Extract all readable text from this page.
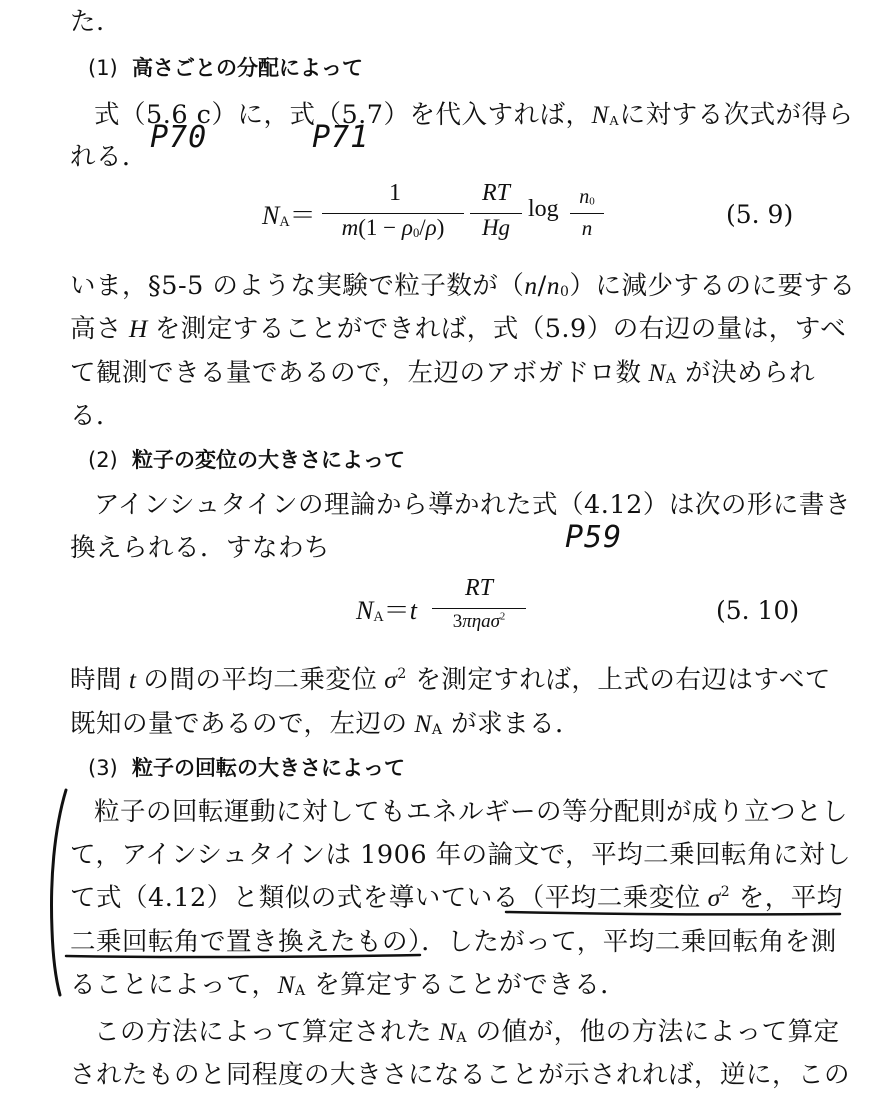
た.
(1) 高さごとの分配によって
式（5.6 c）に，式（5.7）を代入すれば，NAに対する次式が得ら
れる．
P70	P71
NA＝
1
m(1 − ρ0/ρ)
RT
Hg
log	n0
n	(5. 9)
いま，§5-5 のような実験で粒子数が（n/n0）に減少するのに要する
高さ H を測定することができれば，式（5.9）の右辺の量は，すべ
て観測できる量であるので，左辺のアボガドロ数 NA が決められ
る．
(2) 粒子の変位の大きさによって
アインシュタインの理論から導かれた式（4.12）は次の形に書き
換えられる．すなわち	P59
NA＝t
RT
3πηaσ$^2$	(5. 10)
時間 t の間の平均二乗変位 $\sigma^2$ を測定すれば，上式の右辺はすべて
既知の量であるので，左辺の NA が求まる．
(3) 粒子の回転の大きさによって
粒子の回転運動に対してもエネルギーの等分配則が成り立つとし
て，アインシュタインは 1906 年の論文で，平均二乗回転角に対し
て式（4.12）と類似の式を導いている（平均二乗変位 $\sigma^2$ を，平均
二乗回転角で置き換えたもの）．したがって，平均二乗回転角を測
ることによって，NA を算定することができる．
この方法によって算定された NA の値が，他の方法によって算定
されたものと同程度の大きさになることが示されれば，逆に，この
